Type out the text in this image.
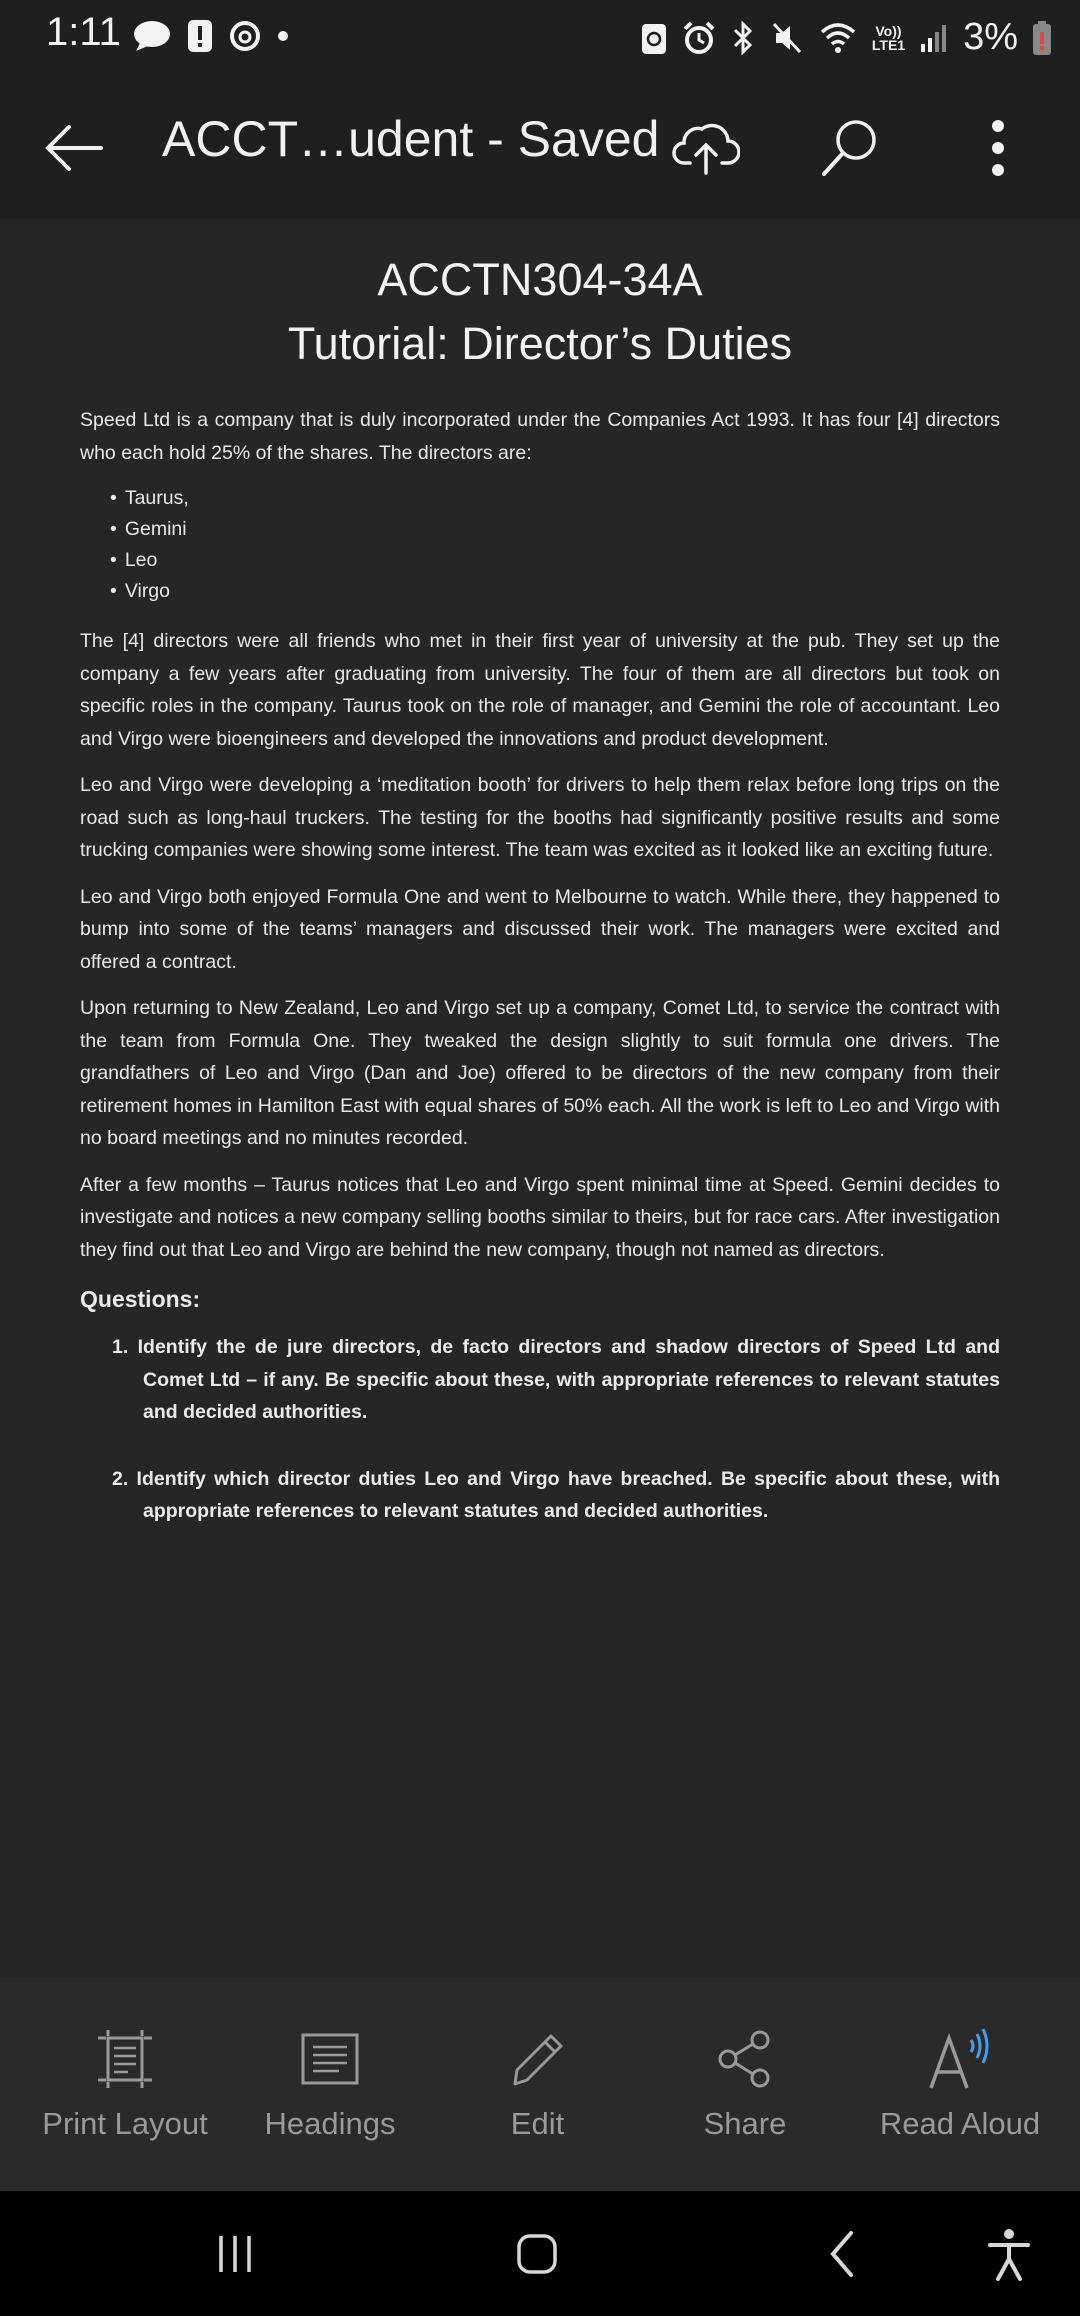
1:11	Vo))
LTE1 3%
ACCT…udent - Saved
ACCTN304-34A
Tutorial: Director’s Duties

Speed Ltd is a company that is duly incorporated under the Companies Act 1993. It has four [4] directors who each hold 25% of the shares. The directors are:

• Taurus,
• Gemini
• Leo
• Virgo

The [4] directors were all friends who met in their first year of university at the pub. They set up the company a few years after graduating from university. The four of them are all directors but took on specific roles in the company. Taurus took on the role of manager, and Gemini the role of accountant. Leo and Virgo were bioengineers and developed the innovations and product development.

Leo and Virgo were developing a ‘meditation booth’ for drivers to help them relax before long trips on the road such as long-haul truckers. The testing for the booths had significantly positive results and some trucking companies were showing some interest. The team was excited as it looked like an exciting future.

Leo and Virgo both enjoyed Formula One and went to Melbourne to watch. While there, they happened to bump into some of the teams’ managers and discussed their work. The managers were excited and offered a contract.

Upon returning to New Zealand, Leo and Virgo set up a company, Comet Ltd, to service the contract with the team from Formula One. They tweaked the design slightly to suit formula one drivers. The grandfathers of Leo and Virgo (Dan and Joe) offered to be directors of the new company from their retirement homes in Hamilton East with equal shares of 50% each. All the work is left to Leo and Virgo with no board meetings and no minutes recorded.

After a few months – Taurus notices that Leo and Virgo spent minimal time at Speed. Gemini decides to investigate and notices a new company selling booths similar to theirs, but for race cars. After investigation they find out that Leo and Virgo are behind the new company, though not named as directors.

Questions:
1. Identify the de jure directors, de facto directors and shadow directors of Speed Ltd and Comet Ltd – if any. Be specific about these, with appropriate references to relevant statutes and decided authorities.
2. Identify which director duties Leo and Virgo have breached. Be specific about these, with appropriate references to relevant statutes and decided authorities.
Print Layout Headings	Edit	Share	Read Aloud
